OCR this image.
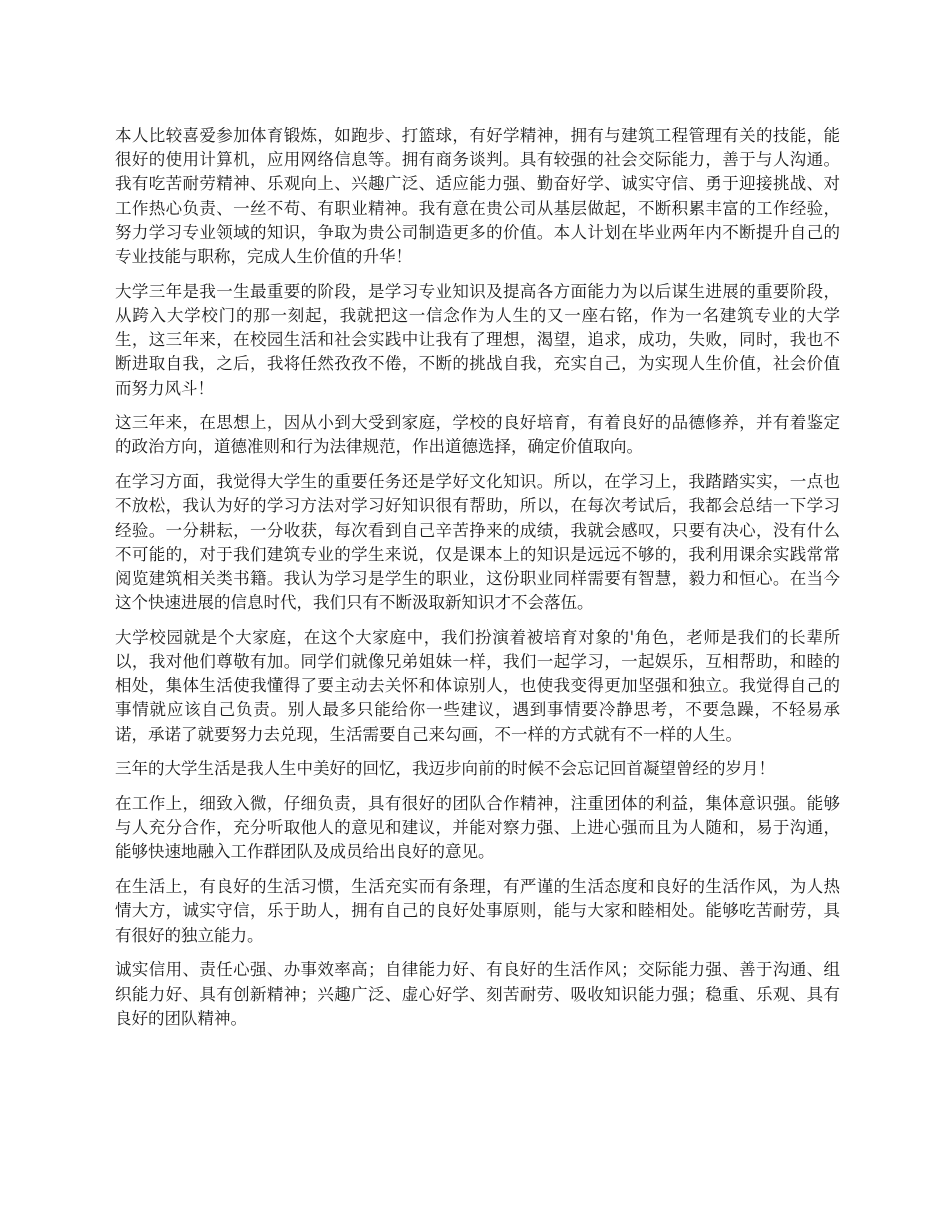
本人比较喜爱参加体育锻炼，如跑步、打篮球，有好学精神，拥有与建筑工程管理有关的技能，能很好的使用计算机，应用网络信息等。拥有商务谈判。具有较强的社会交际能力，善于与人沟通。我有吃苦耐劳精神、乐观向上、兴趣广泛、适应能力强、勤奋好学、诚实守信、勇于迎接挑战、对工作热心负责、一丝不苟、有职业精神。我有意在贵公司从基层做起，不断积累丰富的工作经验，努力学习专业领域的知识，争取为贵公司制造更多的价值。本人计划在毕业两年内不断提升自己的专业技能与职称，完成人生价值的升华！

大学三年是我一生最重要的阶段，是学习专业知识及提高各方面能力为以后谋生进展的重要阶段，从跨入大学校门的那一刻起，我就把这一信念作为人生的又一座右铭，作为一名建筑专业的大学生，这三年来，在校园生活和社会实践中让我有了理想，渴望，追求，成功，失败，同时，我也不断进取自我，之后，我将任然孜孜不倦，不断的挑战自我，充实自己，为实现人生价值，社会价值而努力风斗！

这三年来，在思想上，因从小到大受到家庭，学校的良好培育，有着良好的品德修养，并有着鉴定的政治方向，道德准则和行为法律规范，作出道德选择，确定价值取向。

在学习方面，我觉得大学生的重要任务还是学好文化知识。所以，在学习上，我踏踏实实，一点也不放松，我认为好的学习方法对学习好知识很有帮助，所以，在每次考试后，我都会总结一下学习经验。一分耕耘，一分收获，每次看到自己辛苦挣来的成绩，我就会感叹，只要有决心，没有什么不可能的，对于我们建筑专业的学生来说，仅是课本上的知识是远远不够的，我利用课余实践常常阅览建筑相关类书籍。我认为学习是学生的职业，这份职业同样需要有智慧，毅力和恒心。在当今这个快速进展的信息时代，我们只有不断汲取新知识才不会落伍。

大学校园就是个大家庭，在这个大家庭中，我们扮演着被培育对象的'角色，老师是我们的长辈所以，我对他们尊敬有加。同学们就像兄弟姐妹一样，我们一起学习，一起娱乐，互相帮助，和睦的相处，集体生活使我懂得了要主动去关怀和体谅别人，也使我变得更加坚强和独立。我觉得自己的事情就应该自己负责。别人最多只能给你一些建议，遇到事情要冷静思考，不要急躁，不轻易承诺，承诺了就要努力去兑现，生活需要自己来勾画，不一样的方式就有不一样的人生。

三年的大学生活是我人生中美好的回忆，我迈步向前的时候不会忘记回首凝望曾经的岁月！

在工作上，细致入微，仔细负责，具有很好的团队合作精神，注重团体的利益，集体意识强。能够与人充分合作，充分听取他人的意见和建议，并能对察力强、上进心强而且为人随和，易于沟通，能够快速地融入工作群团队及成员给出良好的意见。

在生活上，有良好的生活习惯，生活充实而有条理，有严谨的生活态度和良好的生活作风，为人热情大方，诚实守信，乐于助人，拥有自己的良好处事原则，能与大家和睦相处。能够吃苦耐劳，具有很好的独立能力。

诚实信用、责任心强、办事效率高；自律能力好、有良好的生活作风；交际能力强、善于沟通、组织能力好、具有创新精神；兴趣广泛、虚心好学、刻苦耐劳、吸收知识能力强；稳重、乐观、具有良好的团队精神。
